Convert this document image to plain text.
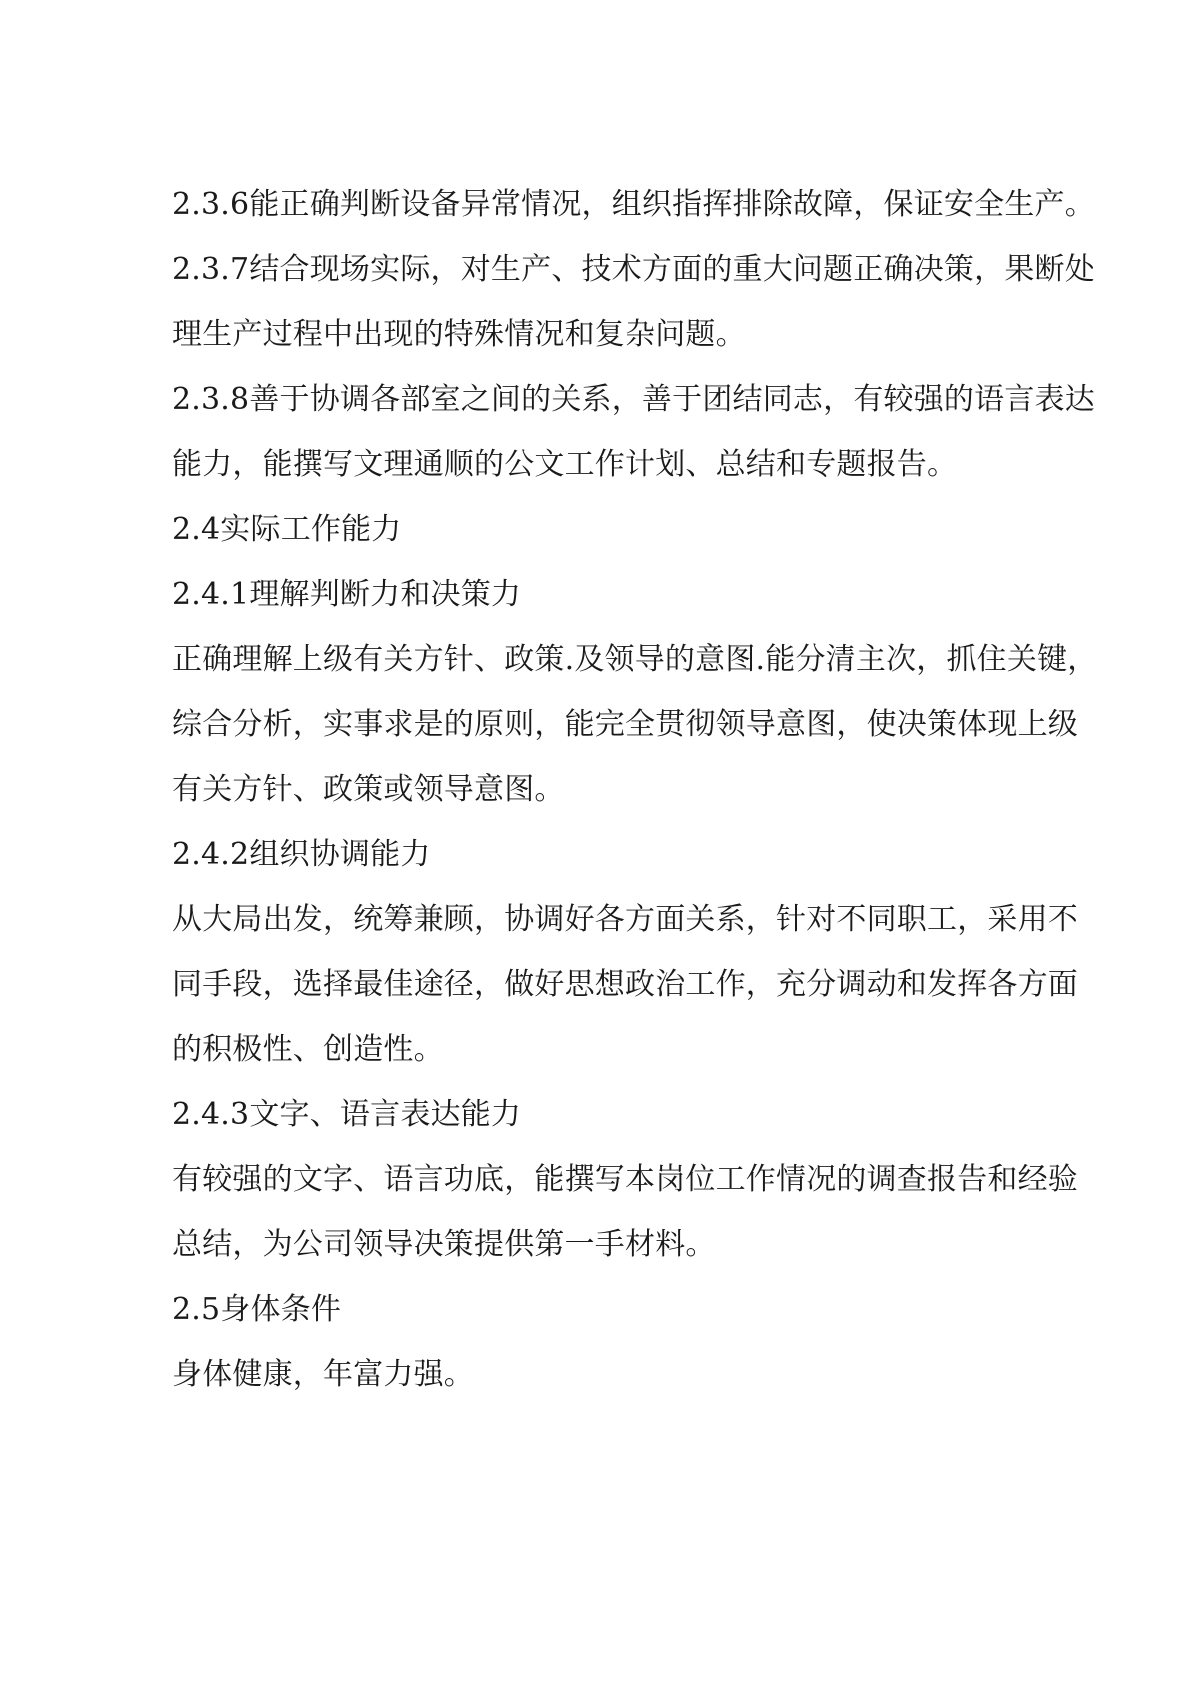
2.3.6能正确判断设备异常情况，组织指挥排除故障，保证安全生产。
2.3.7结合现场实际，对生产、技术方面的重大问题正确决策，果断处
理生产过程中出现的特殊情况和复杂问题。
2.3.8善于协调各部室之间的关系，善于团结同志，有较强的语言表达
能力，能撰写文理通顺的公文工作计划、总结和专题报告。
2.4实际工作能力
2.4.1理解判断力和决策力
正确理解上级有关方针、政策.及领导的意图.能分清主次，抓住关键，
综合分析，实事求是的原则，能完全贯彻领导意图，使决策体现上级
有关方针、政策或领导意图。
2.4.2组织协调能力
从大局出发，统筹兼顾，协调好各方面关系，针对不同职工，采用不
同手段，选择最佳途径，做好思想政治工作，充分调动和发挥各方面
的积极性、创造性。
2.4.3文字、语言表达能力
有较强的文字、语言功底，能撰写本岗位工作情况的调查报告和经验
总结，为公司领导决策提供第一手材料。
2.5身体条件
身体健康，年富力强。
